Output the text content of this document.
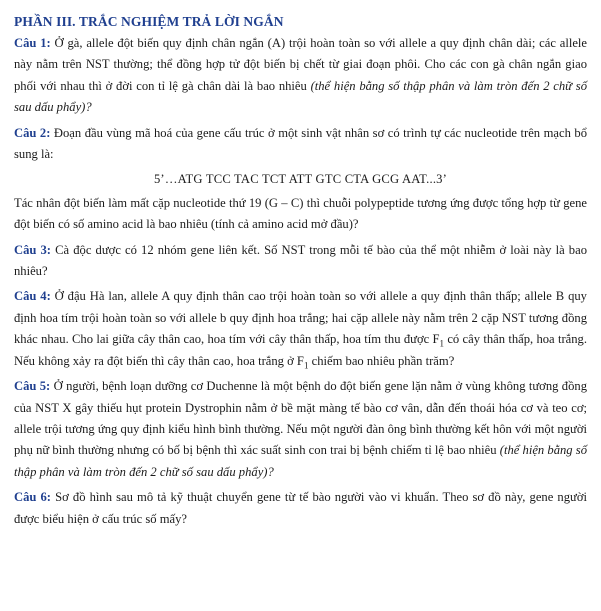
PHẦN III. TRẮC NGHIỆM TRẢ LỜI NGẮN

Câu 1: Ở gà, allele đột biến quy định chân ngắn (A) trội hoàn toàn so với allele a quy định chân dài; các allele này nằm trên NST thường; thể đồng hợp tử đột biến bị chết từ giai đoạn phôi. Cho các con gà chân ngắn giao phối với nhau thì ở đời con tỉ lệ gà chân dài là bao nhiêu (thể hiện bằng số thập phân và làm tròn đến 2 chữ số sau dấu phẩy)?

Câu 2: Đoạn đầu vùng mã hoá của gene cấu trúc ở một sinh vật nhân sơ có trình tự các nucleotide trên mạch bổ sung là:

5’…ATG TCC TAC TCT ATT GTC CTA GCG AAT...3’

Tác nhân đột biến làm mất cặp nucleotide thứ 19 (G – C) thì chuỗi polypeptide tương ứng được tổng hợp từ gene đột biến có số amino acid là bao nhiêu (tính cả amino acid mở đầu)?

Câu 3: Cà độc dược có 12 nhóm gene liên kết. Số NST trong mỗi tế bào của thể một nhiễm ở loài này là bao nhiêu?

Câu 4: Ở đậu Hà lan, allele A quy định thân cao trội hoàn toàn so với allele a quy định thân thấp; allele B quy định hoa tím trội hoàn toàn so với allele b quy định hoa trắng; hai cặp allele này nằm trên 2 cặp NST tương đồng khác nhau. Cho lai giữa cây thân cao, hoa tím với cây thân thấp, hoa tím thu được $F_1$ có cây thân thấp, hoa trắng. Nếu không xảy ra đột biến thì cây thân cao, hoa trắng ở $F_1$ chiếm bao nhiêu phần trăm?

Câu 5: Ở người, bệnh loạn dưỡng cơ Duchenne là một bệnh do đột biến gene lặn nằm ở vùng không tương đồng của NST X gây thiếu hụt protein Dystrophin nằm ở bề mặt màng tế bào cơ vân, dẫn đến thoái hóa cơ và teo cơ; allele trội tương ứng quy định kiểu hình bình thường. Nếu một người đàn ông bình thường kết hôn với một người phụ nữ bình thường nhưng có bố bị bệnh thì xác suất sinh con trai bị bệnh chiếm tỉ lệ bao nhiêu (thể hiện bằng số thập phân và làm tròn đến 2 chữ số sau dấu phẩy)?

Câu 6: Sơ đồ hình sau mô tả kỹ thuật chuyển gene từ tế bào người vào vi khuẩn. Theo sơ đồ này, gene người được biểu hiện ở cấu trúc số mấy?
